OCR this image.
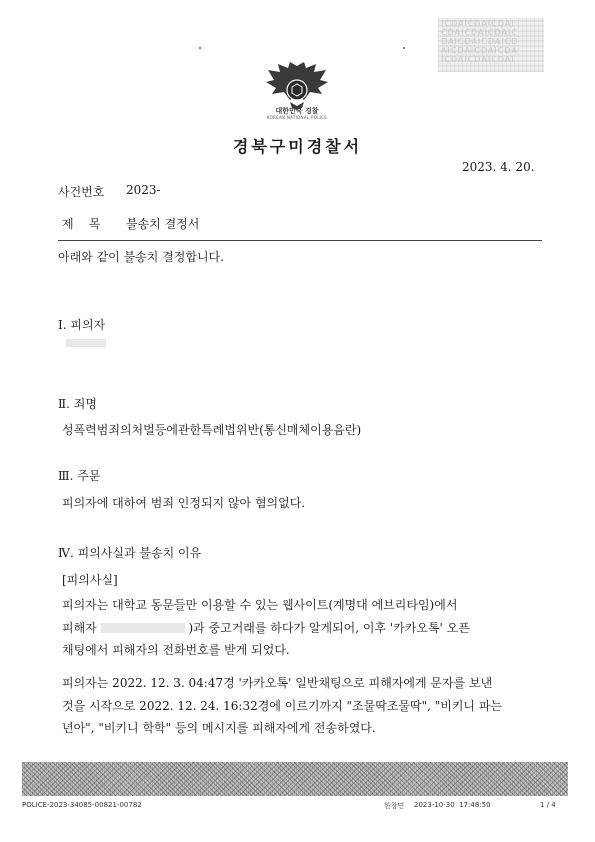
ICDAICDAICDAI
CDAICDAICDAIC
DAICDAICDAICD
AICDAICDAICDA
ICDAICDAICDAI
대한민국 경찰
KOREAN NATIONAL POLICE
경북구미경찰서
2023. 4. 20.
사건번호 2023-
제    목 불송치 결정서
아래와 같이 불송치 결정합니다.
Ⅰ. 피의자
Ⅱ. 죄명
성폭력범죄의처벌등에관한특례법위반(통신매체이용음란)
Ⅲ. 주문
피의자에 대하여 범죄 인정되지 않아 혐의없다.
Ⅳ. 피의사실과 불송치 이유
[피의사실]
피의자는 대학교 동문들만 이용할 수 있는 웹사이트(계명대 에브리타임)에서
피해자	)과 중고거래를 하다가 알게되어, 이후 '카카오톡' 오픈
채팅에서 피해자의 전화번호를 받게 되었다.
피의자는 2022. 12. 3. 04:47경 '카카오톡' 일반채팅으로 피해자에게 문자를 보낸
것을 시작으로 2022. 12. 24. 16:32경에 이르기까지 "조물딱조물딱", "비키니 파는
년아", "비키니 학학" 등의 메시지를 피해자에게 전송하였다.
POLICE-2023-34085-00821-00782	한창민 2023-10-30  17:48:50	1 / 4
